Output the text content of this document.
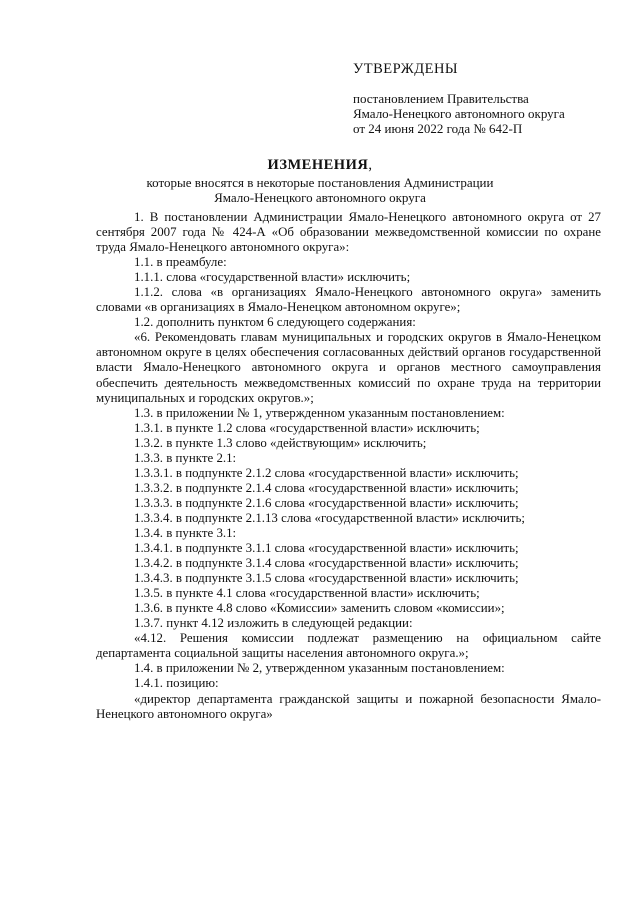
УТВЕРЖДЕНЫ
постановлением Правительства
Ямало-Ненецкого автономного округа
от 24 июня 2022 года № 642-П
ИЗМЕНЕНИЯ,
которые вносятся в некоторые постановления Администрации
Ямало-Ненецкого автономного округа

1. В постановлении Администрации Ямало-Ненецкого автономного округа от 27 сентября 2007 года № 424-А «Об образовании межведомственной комиссии по охране труда Ямало-Ненецкого автономного округа»:

1.1. в преамбуле:

1.1.1. слова «государственной власти» исключить;

1.1.2. слова «в организациях Ямало-Ненецкого автономного округа» заменить словами «в организациях в Ямало-Ненецком автономном округе»;

1.2. дополнить пунктом 6 следующего содержания:

«6. Рекомендовать главам муниципальных и городских округов в Ямало-Ненецком автономном округе в целях обеспечения согласованных действий органов государственной власти Ямало-Ненецкого автономного округа и органов местного самоуправления обеспечить деятельность межведомственных комиссий по охране труда на территории муниципальных и городских округов.»;

1.3. в приложении № 1, утвержденном указанным постановлением:

1.3.1. в пункте 1.2 слова «государственной власти» исключить;

1.3.2. в пункте 1.3 слово «действующим» исключить;

1.3.3. в пункте 2.1:

1.3.3.1. в подпункте 2.1.2 слова «государственной власти» исключить;

1.3.3.2. в подпункте 2.1.4 слова «государственной власти» исключить;

1.3.3.3. в подпункте 2.1.6 слова «государственной власти» исключить;

1.3.3.4. в подпункте 2.1.13 слова «государственной власти» исключить;

1.3.4. в пункте 3.1:

1.3.4.1. в подпункте 3.1.1 слова «государственной власти» исключить;

1.3.4.2. в подпункте 3.1.4 слова «государственной власти» исключить;

1.3.4.3. в подпункте 3.1.5 слова «государственной власти» исключить;

1.3.5. в пункте 4.1 слова «государственной власти» исключить;

1.3.6. в пункте 4.8 слово «Комиссии» заменить словом «комиссии»;

1.3.7. пункт 4.12 изложить в следующей редакции:

«4.12. Решения комиссии подлежат размещению на официальном сайте департамента социальной защиты населения автономного округа.»;

1.4. в приложении № 2, утвержденном указанным постановлением:

1.4.1. позицию:

«директор департамента гражданской защиты и пожарной безопасности Ямало-Ненецкого автономного округа»
